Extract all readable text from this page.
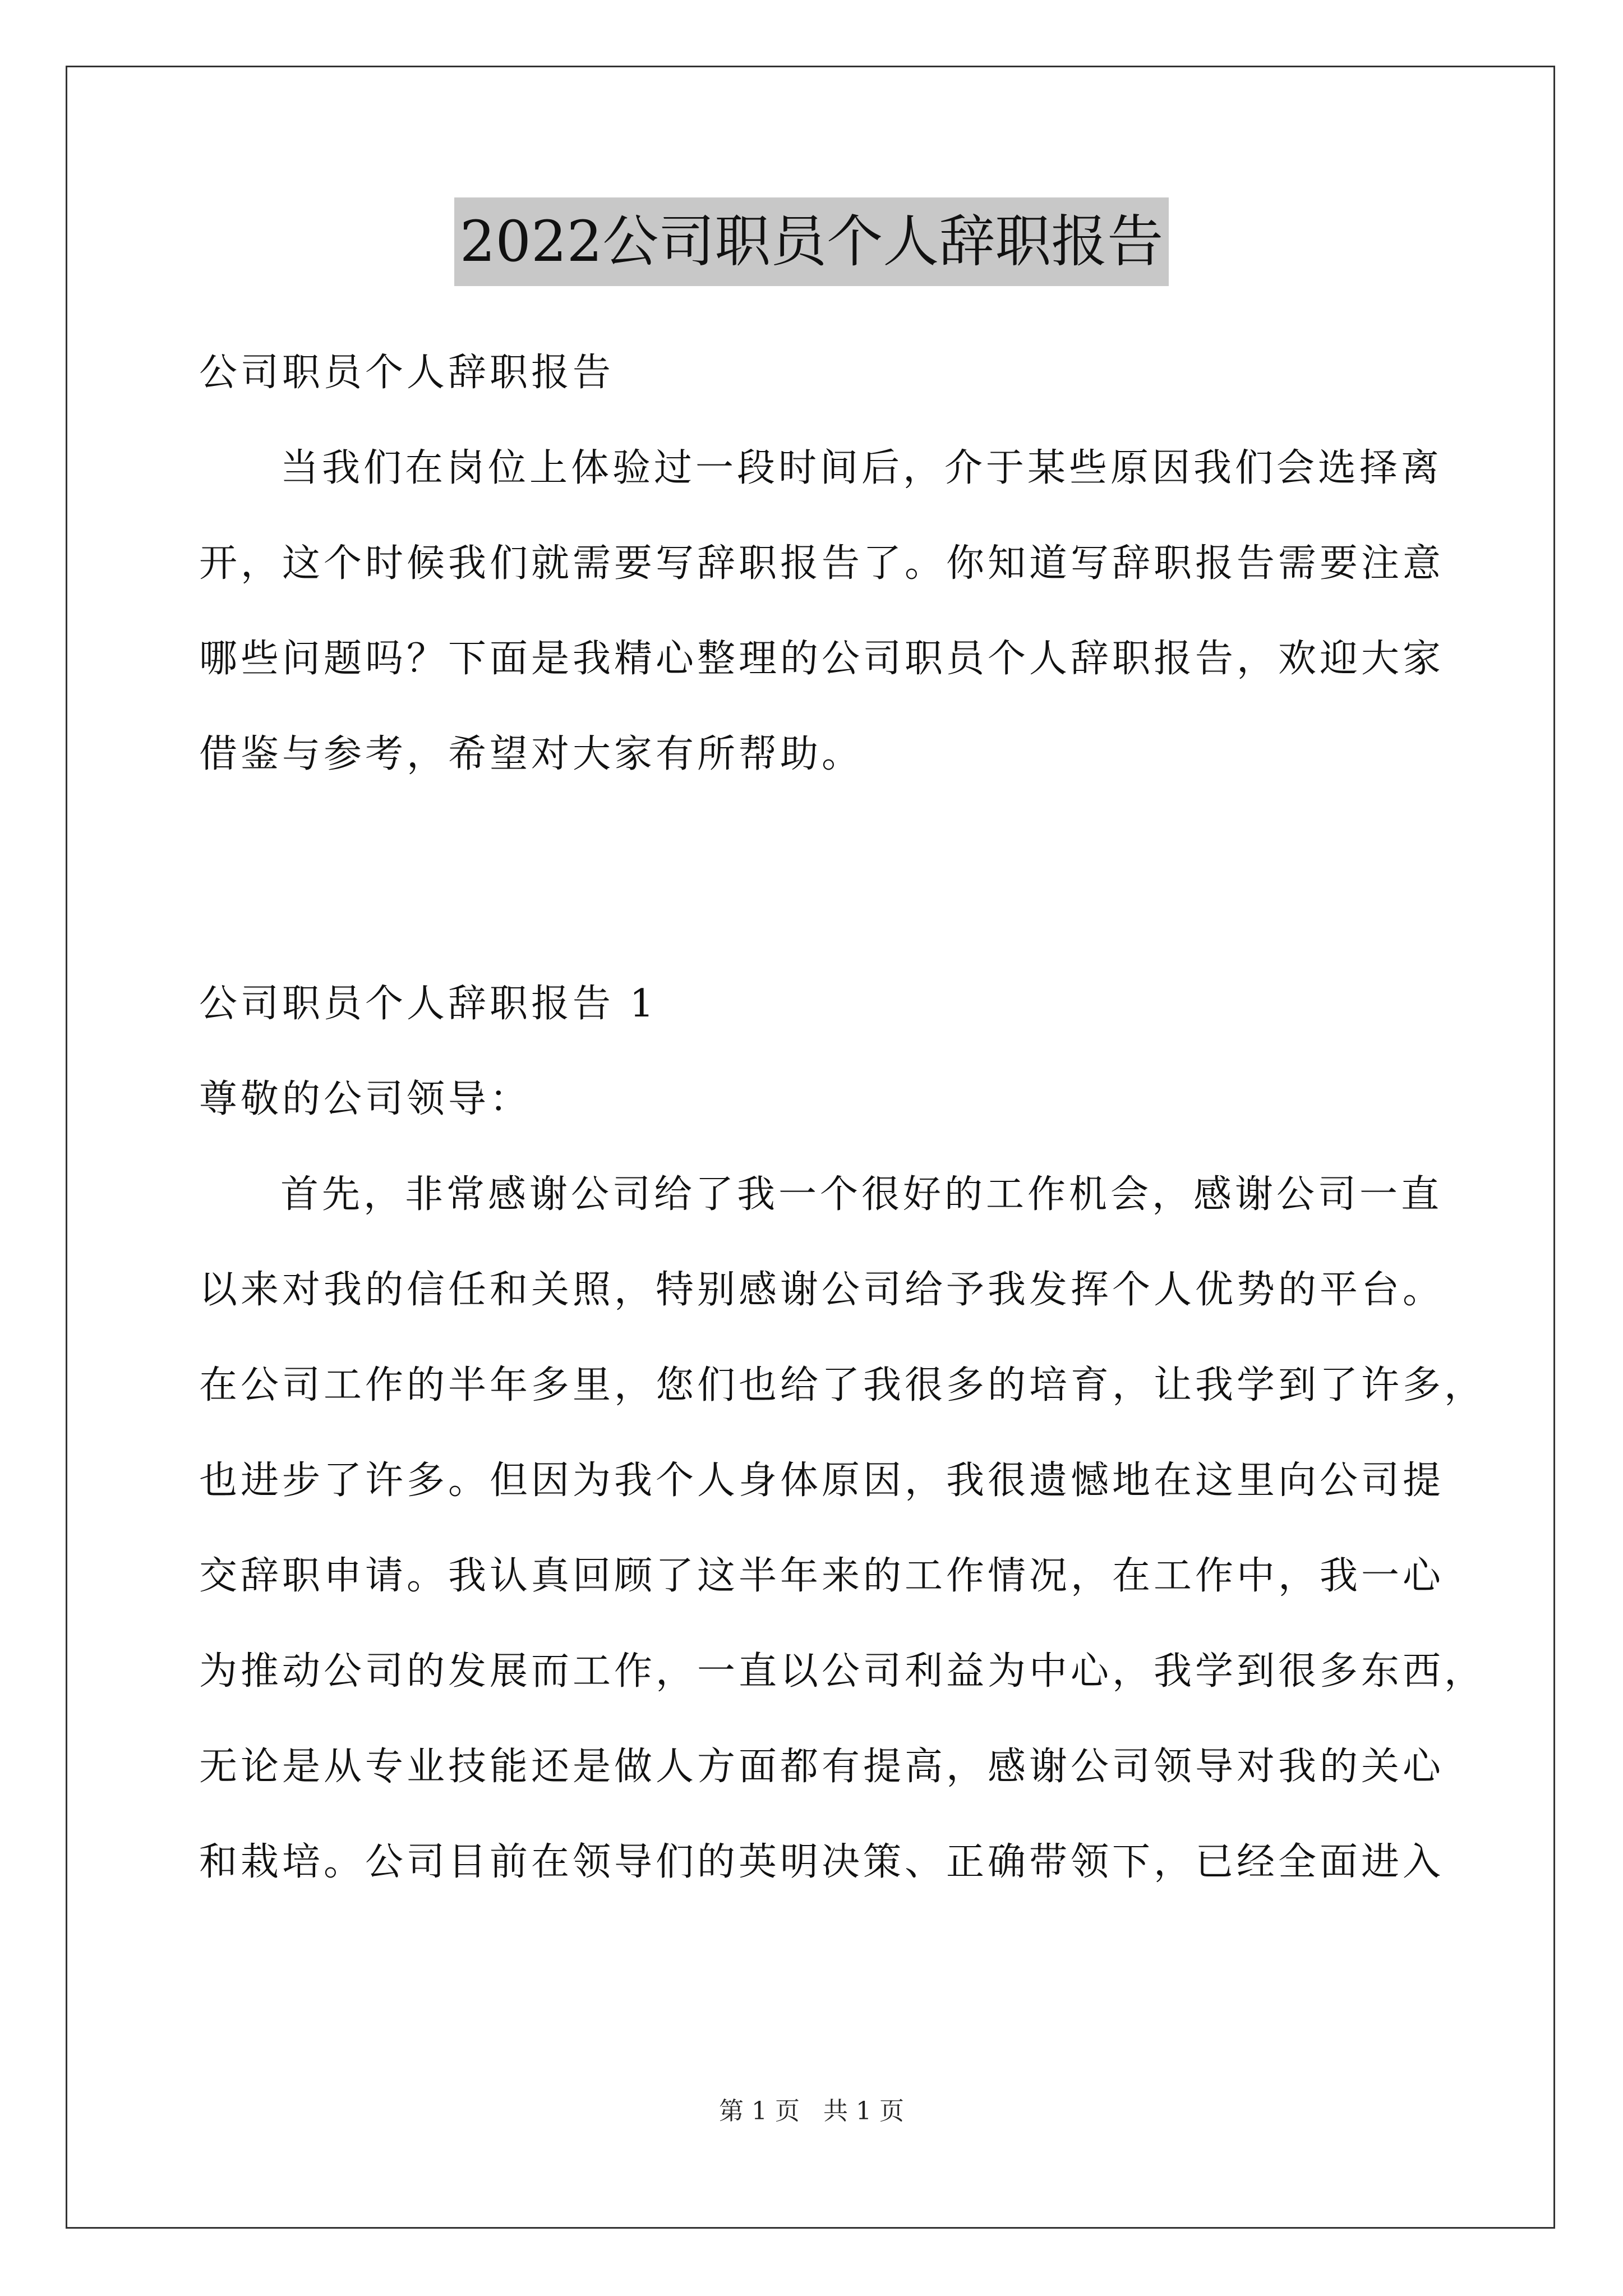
2022公司职员个人辞职报告
公司职员个人辞职报告
当我们在岗位上体验过一段时间后，介于某些原因我们会选择离
开，这个时候我们就需要写辞职报告了。你知道写辞职报告需要注意
哪些问题吗？下面是我精心整理的公司职员个人辞职报告，欢迎大家
借鉴与参考，希望对大家有所帮助。
公司职员个人辞职报告 1
尊敬的公司领导：
首先，非常感谢公司给了我一个很好的工作机会，感谢公司一直
以来对我的信任和关照，特别感谢公司给予我发挥个人优势的平台。
在公司工作的半年多里，您们也给了我很多的培育，让我学到了许多，
也进步了许多。但因为我个人身体原因，我很遗憾地在这里向公司提
交辞职申请。我认真回顾了这半年来的工作情况，在工作中，我一心
为推动公司的发展而工作，一直以公司利益为中心，我学到很多东西，
无论是从专业技能还是做人方面都有提高，感谢公司领导对我的关心
和栽培。公司目前在领导们的英明决策、正确带领下，已经全面进入
第 1 页   共 1 页
